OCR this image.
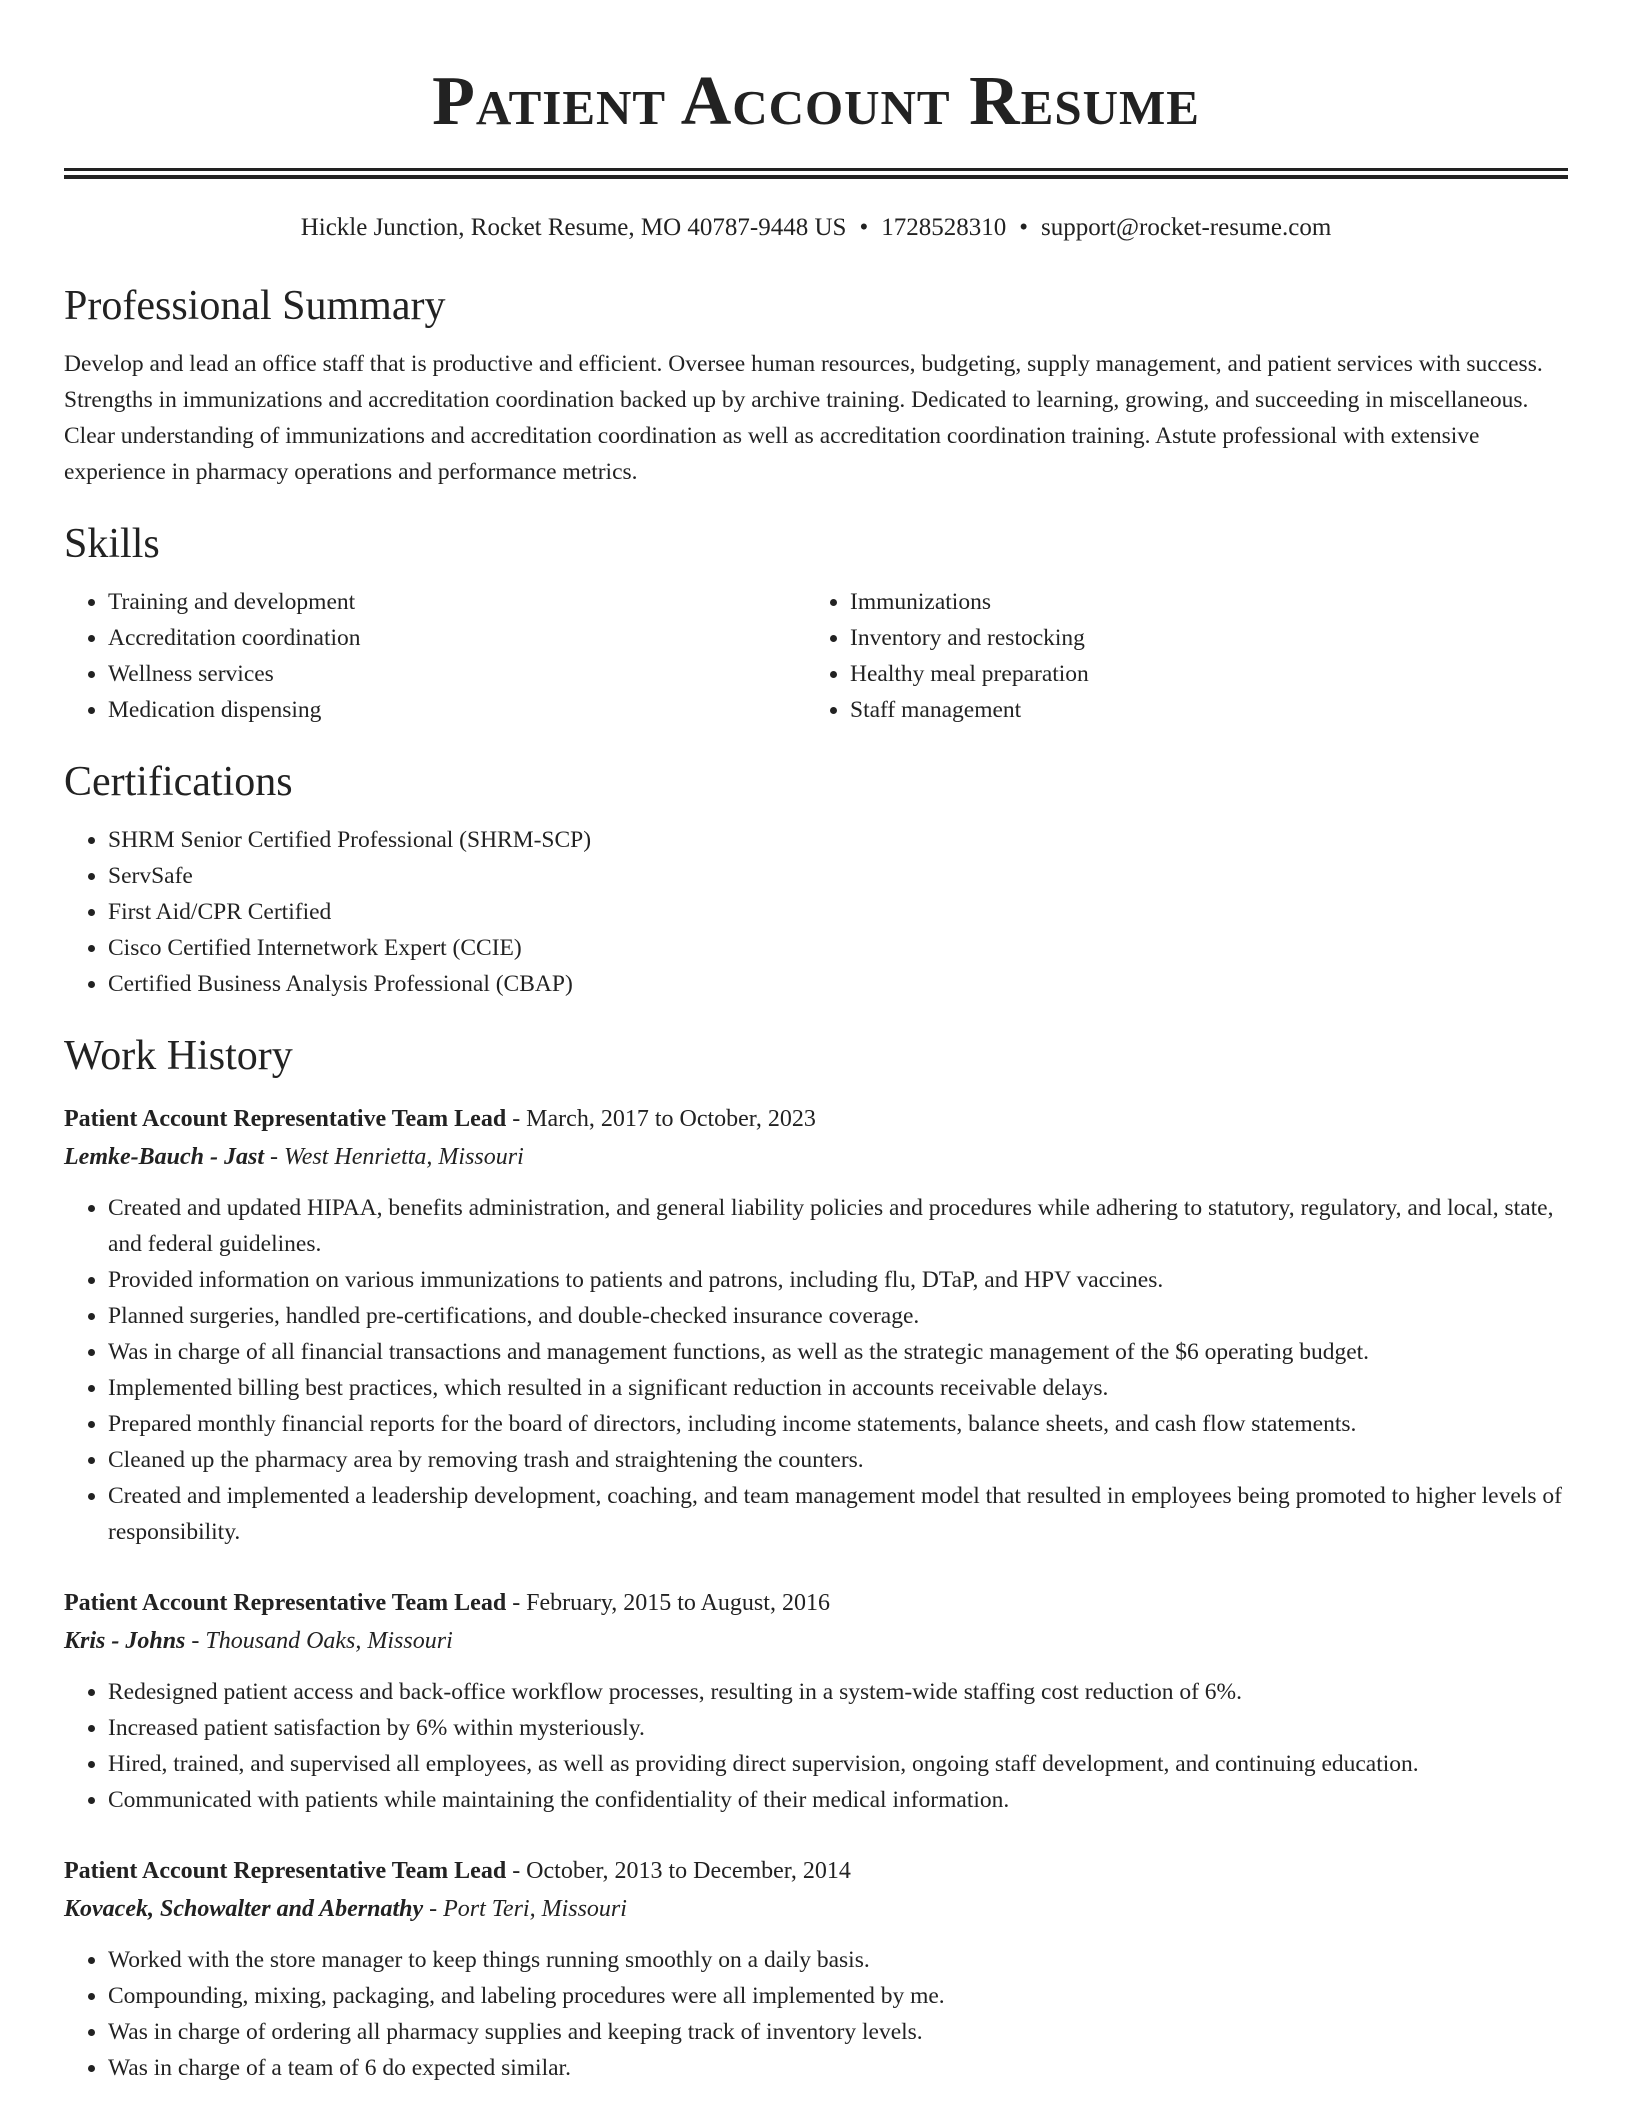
Patient Account Resume
Hickle Junction, Rocket Resume, MO 40787-9448 US • 1728528310 • support@rocket-resume.com
Professional Summary

Develop and lead an office staff that is productive and efficient. Oversee human resources, budgeting, supply management, and patient services with success. Strengths in immunizations and accreditation coordination backed up by archive training. Dedicated to learning, growing, and succeeding in miscellaneous. Clear understanding of immunizations and accreditation coordination as well as accreditation coordination training. Astute professional with extensive experience in pharmacy operations and performance metrics.

Skills
• Training and development
• Accreditation coordination
• Wellness services
• Medication dispensing
• Immunizations
• Inventory and restocking
• Healthy meal preparation
• Staff management
Certifications
• SHRM Senior Certified Professional (SHRM-SCP)
• ServSafe
• First Aid/CPR Certified
• Cisco Certified Internetwork Expert (CCIE)
• Certified Business Analysis Professional (CBAP)
Work History
Patient Account Representative Team Lead - March, 2017 to October, 2023
Lemke-Bauch - Jast - West Henrietta, Missouri
• Created and updated HIPAA, benefits administration, and general liability policies and procedures while adhering to statutory, regulatory, and local, state, and federal guidelines.
• Provided information on various immunizations to patients and patrons, including flu, DTaP, and HPV vaccines.
• Planned surgeries, handled pre-certifications, and double-checked insurance coverage.
• Was in charge of all financial transactions and management functions, as well as the strategic management of the $6 operating budget.
• Implemented billing best practices, which resulted in a significant reduction in accounts receivable delays.
• Prepared monthly financial reports for the board of directors, including income statements, balance sheets, and cash flow statements.
• Cleaned up the pharmacy area by removing trash and straightening the counters.
• Created and implemented a leadership development, coaching, and team management model that resulted in employees being promoted to higher levels of responsibility.
Patient Account Representative Team Lead - February, 2015 to August, 2016
Kris - Johns - Thousand Oaks, Missouri
• Redesigned patient access and back-office workflow processes, resulting in a system-wide staffing cost reduction of 6%.
• Increased patient satisfaction by 6% within mysteriously.
• Hired, trained, and supervised all employees, as well as providing direct supervision, ongoing staff development, and continuing education.
• Communicated with patients while maintaining the confidentiality of their medical information.
Patient Account Representative Team Lead - October, 2013 to December, 2014
Kovacek, Schowalter and Abernathy - Port Teri, Missouri
• Worked with the store manager to keep things running smoothly on a daily basis.
• Compounding, mixing, packaging, and labeling procedures were all implemented by me.
• Was in charge of ordering all pharmacy supplies and keeping track of inventory levels.
• Was in charge of a team of 6 do expected similar.
